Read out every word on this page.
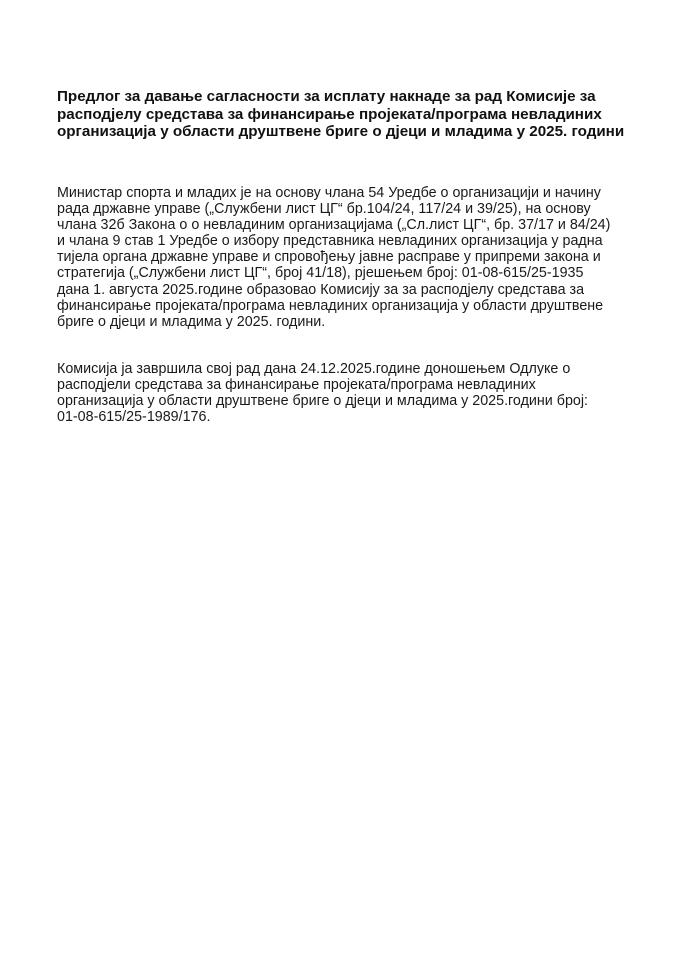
Предлог за давање сагласности за исплату накнаде за рад Комисије за
расподјелу средстава за финансирање пројеката/програма невладиних
организација у области друштвене бриге о дјеци и младима у 2025. години

Министар спорта и младих је на основу члана 54 Уредбе о организацији и начину
рада државне управе („Службени лист ЦГ“ бр.104/24, 117/24 и 39/25), на основу
члана 32б Закона о о невладиним организацијама („Сл.лист ЦГ“, бр. 37/17 и 84/24)
и члана 9 став 1 Уредбе о избору представника невладиних организација у радна
тијела органа државне управе и спровођењу јавне расправе у припреми закона и
стратегија („Службени лист ЦГ“, број 41/18), рјешењем број: 01-08-615/25-1935
дана 1. августа 2025.године образовао Комисију за за расподјелу средстава за
финансирање пројеката/програма невладиних организација у области друштвене
бриге о дјеци и младима у 2025. години.

Комисија ја завршила свој рад дана 24.12.2025.године доношењем Одлуке о
расподјели средстава за финансирање пројеката/програма невладиних
организација у области друштвене бриге о дјеци и младима у 2025.години број:
01-08-615/25-1989/176.
